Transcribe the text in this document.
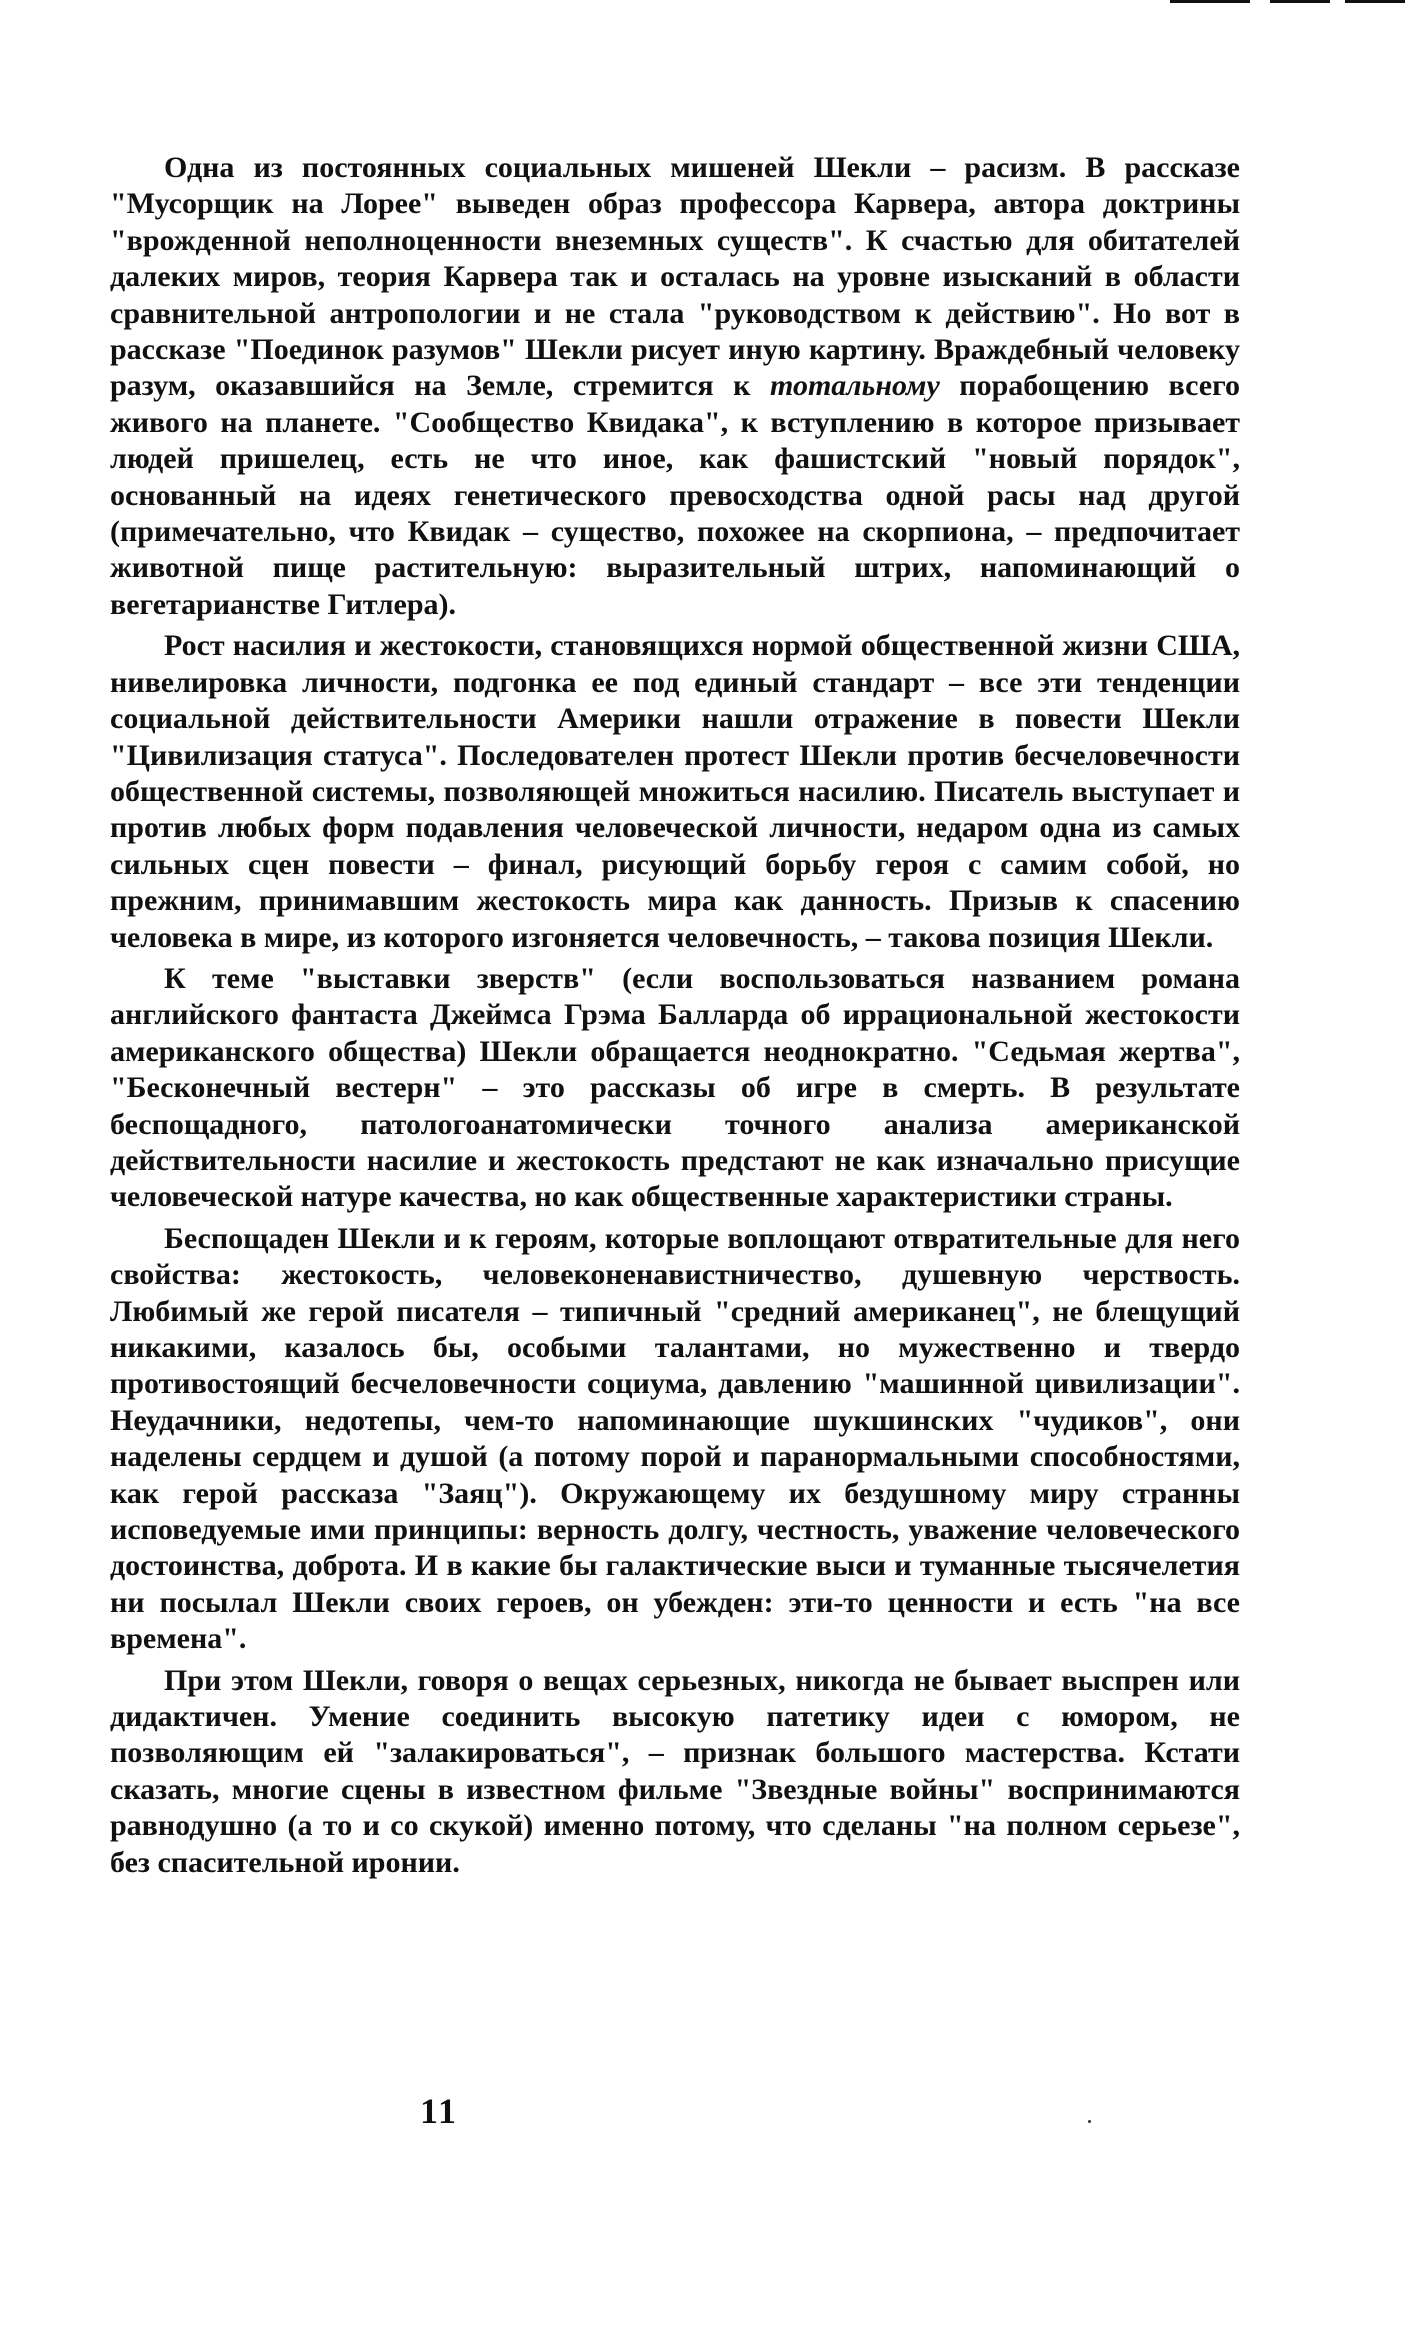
Одна из постоянных социальных мишеней Шекли – расизм. В рассказе "Мусорщик на Лорее" выведен образ профессора Карвера, автора доктрины "врожденной неполноценности внеземных существ". К счастью для обитателей далеких миров, теория Карвера так и осталась на уровне изысканий в области сравнительной антропологии и не стала "руководством к действию". Но вот в рассказе "Поединок разумов" Шекли рисует иную картину. Враждебный человеку разум, оказавшийся на Земле, стремится к тотальному порабощению всего живого на планете. "Сообщество Квидака", к вступлению в которое призывает людей пришелец, есть не что иное, как фашистский "новый порядок", основанный на идеях генетического превосходства одной расы над другой (примечательно, что Квидак – существо, похожее на скорпиона, – предпочитает животной пище растительную: выразительный штрих, напоминающий о вегетарианстве Гитлера).

Рост насилия и жестокости, становящихся нормой общественной жизни США, нивелировка личности, подгонка ее под единый стандарт – все эти тенденции социальной действительности Америки нашли отражение в повести Шекли "Цивилизация статуса". Последователен протест Шекли против бесчеловечности общественной системы, позволяющей множиться насилию. Писатель выступает и против любых форм подавления человеческой личности, недаром одна из самых сильных сцен повести – финал, рисующий борьбу героя с самим собой, но прежним, принимавшим жестокость мира как данность. Призыв к спасению человека в мире, из которого изгоняется человечность, – такова позиция Шекли.

К теме "выставки зверств" (если воспользоваться названием романа английского фантаста Джеймса Грэма Балларда об иррациональной жестокости американского общества) Шекли обращается неоднократно. "Седьмая жертва", "Бесконечный вестерн" – это рассказы об игре в смерть. В результате беспощадного, патологоанатомически точного анализа американской действительности насилие и жестокость предстают не как изначально присущие человеческой натуре качества, но как общественные характеристики страны.

Беспощаден Шекли и к героям, которые воплощают отвратительные для него свойства: жестокость, человеконенавистничество, душевную черствость. Любимый же герой писателя – типичный "средний американец", не блещущий никакими, казалось бы, особыми талантами, но мужественно и твердо противостоящий бесчеловечности социума, давлению "машинной цивилизации". Неудачники, недотепы, чем-то напоминающие шукшинских "чудиков", они наделены сердцем и душой (а потому порой и паранормальными способностями, как герой рассказа "Заяц"). Окружающему их бездушному миру странны исповедуемые ими принципы: верность долгу, честность, уважение человеческого достоинства, доброта. И в какие бы галактические выси и туманные тысячелетия ни посылал Шекли своих героев, он убежден: эти-то ценности и есть "на все времена".

При этом Шекли, говоря о вещах серьезных, никогда не бывает выспрен или дидактичен. Умение соединить высокую патетику идеи с юмором, не позволяющим ей "залакироваться", – признак большого мастерства. Кстати сказать, многие сцены в известном фильме "Звездные войны" воспринимаются равнодушно (а то и со скукой) именно потому, что сделаны "на полном серьезе", без спасительной иронии.

11
